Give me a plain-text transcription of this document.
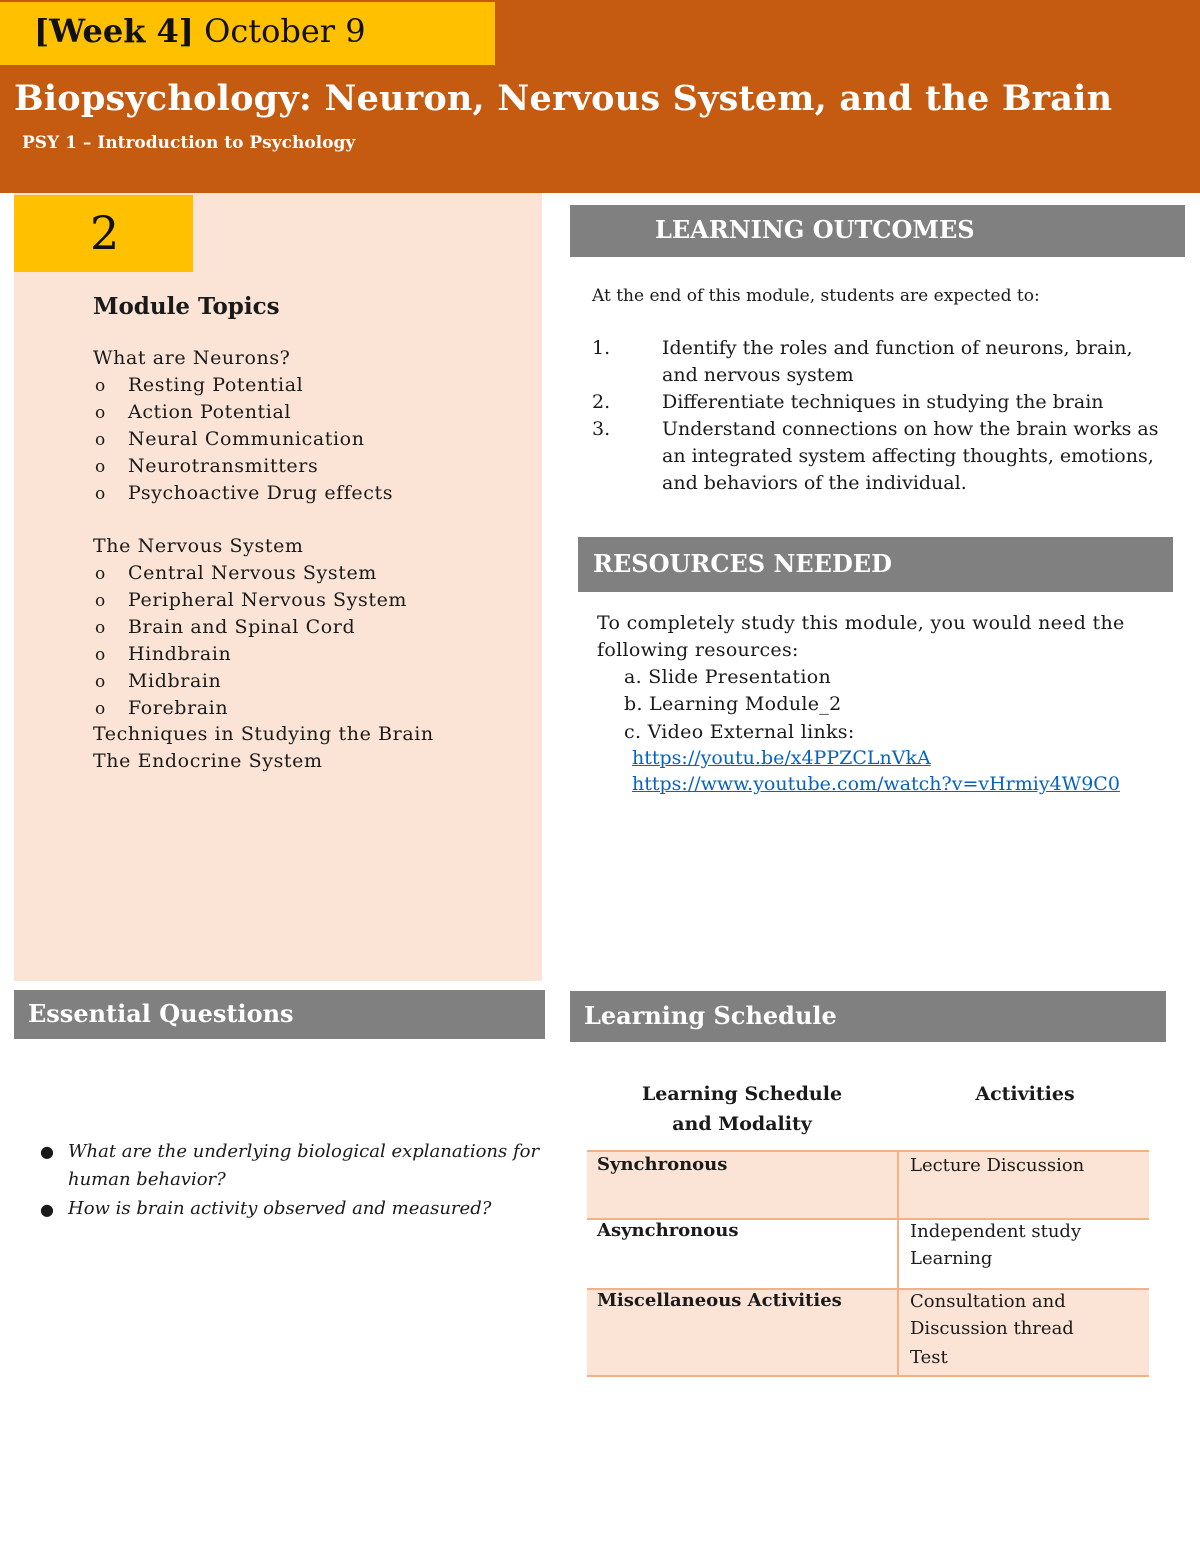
[Week 4] October 9
Biopsychology: Neuron, Nervous System, and the Brain
PSY 1 – Introduction to Psychology
2
Module Topics
What are Neurons?
o Resting Potential
o Action Potential
o Neural Communication
o Neurotransmitters
o Psychoactive Drug effects
The Nervous System
o Central Nervous System
o Peripheral Nervous System
o Brain and Spinal Cord
o Hindbrain
o Midbrain
o Forebrain
Techniques in Studying the Brain
The Endocrine System
LEARNING OUTCOMES
At the end of this module, students are expected to:
1.	Identify the roles and function of neurons, brain,
and nervous system
2.	Differentiate techniques in studying the brain
3.	Understand connections on how the brain works as
an integrated system affecting thoughts, emotions,
and behaviors of the individual.
RESOURCES NEEDED
To completely study this module, you would need the
following resources:
a. Slide Presentation
b. Learning Module_2
c. Video External links:
https://youtu.be/x4PPZCLnVkA
https://www.youtube.com/watch?v=vHrmiy4W9C0
Essential Questions
● What are the underlying biological explanations for
human behavior?
● How is brain activity observed and measured?
Learning Schedule
Learning Schedule
and Modality
Activities
Synchronous	Lecture Discussion
Asynchronous	Independent study
Learning
Miscellaneous Activities	Consultation and
Discussion thread
Test
